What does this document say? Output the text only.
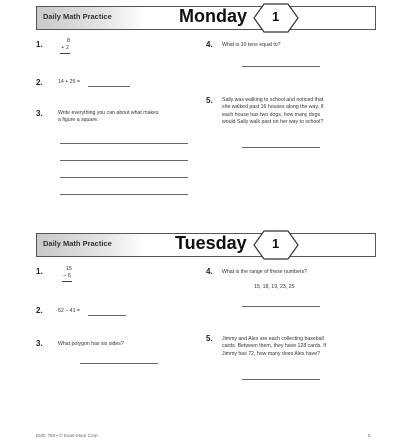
Daily Math Practice	Monday 1
1.	8
+ 2
2.	14 + 25 =
3.	Write everything you can about what makes
a figure a square.
4. What is 10 tens equal to?
5. Sally was walking to school and noticed that
she walked past 16 houses along the way. If
each house has two dogs, how many dogs
would Sally walk past on her way to school?
Daily Math Practice	Tuesday 1
1.	15
− 6
2.	52 − 41 =
3.	What polygon has six sides?
4. What is the range of these numbers?
15, 18, 19, 23, 25
5. Jimmy and Alex are each collecting baseball
cards. Between them, they have 128 cards. If
Jimmy has 72, how many does Alex have?
EMC 750 • © Evan-Moor Corp.	5
